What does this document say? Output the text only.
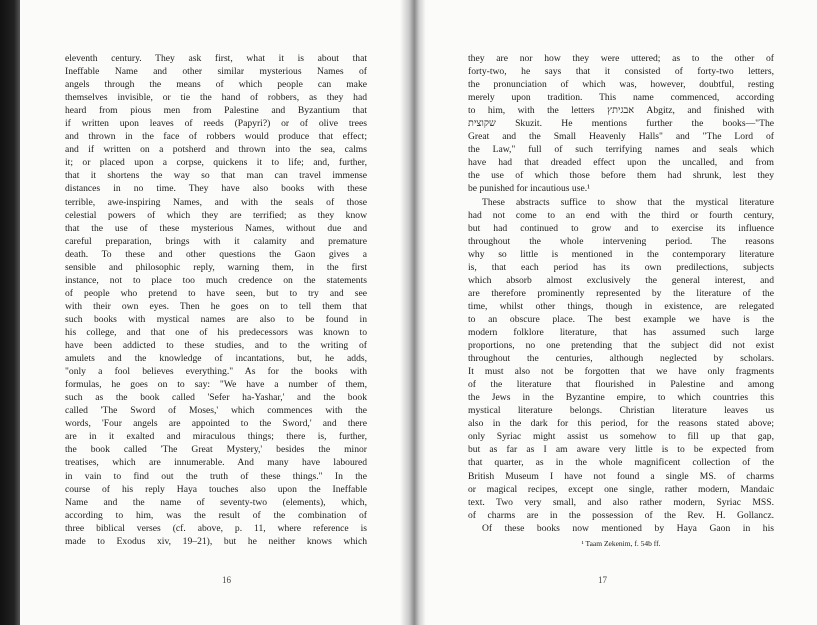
eleventh century. They ask first, what it is about that
Ineffable Name and other similar mysterious Names of
angels through the means of which people can make
themselves invisible, or tie the hand of robbers, as they had
heard from pious men from Palestine and Byzantium that
if written upon leaves of reeds (Papyri?) or of olive trees
and thrown in the face of robbers would produce that effect;
and if written on a potsherd and thrown into the sea, calms
it; or placed upon a corpse, quickens it to life; and, further,
that it shortens the way so that man can travel immense
distances in no time. They have also books with these
terrible, awe-inspiring Names, and with the seals of those
celestial powers of which they are terrified; as they know
that the use of these mysterious Names, without due and
careful preparation, brings with it calamity and premature
death. To these and other questions the Gaon gives a
sensible and philosophic reply, warning them, in the first
instance, not to place too much credence on the statements
of people who pretend to have seen, but to try and see
with their own eyes. Then he goes on to tell them that
such books with mystical names are also to be found in
his college, and that one of his predecessors was known to
have been addicted to these studies, and to the writing of
amulets and the knowledge of incantations, but, he adds,
"only a fool believes everything." As for the books with
formulas, he goes on to say: "We have a number of them,
such as the book called 'Sefer ha-Yashar,' and the book
called 'The Sword of Moses,' which commences with the
words, 'Four angels are appointed to the Sword,' and there
are in it exalted and miraculous things; there is, further,
the book called 'The Great Mystery,' besides the minor
treatises, which are innumerable. And many have laboured
in vain to find out the truth of these things." In the
course of his reply Haya touches also upon the Ineffable
Name and the name of seventy-two (elements), which,
according to him, was the result of the combination of
three biblical verses (cf. above, p. 11, where reference is
made to Exodus xiv, 19–21), but he neither knows which
16
they are nor how they were uttered; as to the other of
forty-two, he says that it consisted of forty-two letters,
the pronunciation of which was, however, doubtful, resting
merely upon tradition. This name commenced, according
to him, with the letters אבגיתץ Abgitz, and finished with
שקוצית Skuzit. He mentions further the books—"The
Great and the Small Heavenly Halls" and "The Lord of
the Law," full of such terrifying names and seals which
have had that dreaded effect upon the uncalled, and from
the use of which those before them had shrunk, lest they
be punished for incautious use.¹
These abstracts suffice to show that the mystical literature
had not come to an end with the third or fourth century,
but had continued to grow and to exercise its influence
throughout the whole intervening period. The reasons
why so little is mentioned in the contemporary literature
is, that each period has its own predilections, subjects
which absorb almost exclusively the general interest, and
are therefore prominently represented by the literature of the
time, whilst other things, though in existence, are relegated
to an obscure place. The best example we have is the
modern folklore literature, that has assumed such large
proportions, no one pretending that the subject did not exist
throughout the centuries, although neglected by scholars.
It must also not be forgotten that we have only fragments
of the literature that flourished in Palestine and among
the Jews in the Byzantine empire, to which countries this
mystical literature belongs. Christian literature leaves us
also in the dark for this period, for the reasons stated above;
only Syriac might assist us somehow to fill up that gap,
but as far as I am aware very little is to be expected from
that quarter, as in the whole magnificent collection of the
British Museum I have not found a single MS. of charms
or magical recipes, except one single, rather modern, Mandaic
text. Two very small, and also rather modern, Syriac MSS.
of charms are in the possession of the Rev. H. Gollancz.
Of these books now mentioned by Haya Gaon in his
¹ Taam Zekenim, f. 54b ff.
17
